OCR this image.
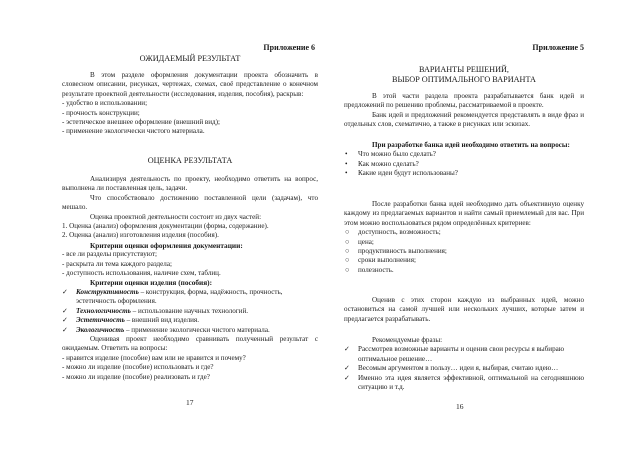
Приложение 6
ОЖИДАЕМЫЙ РЕЗУЛЬТАТ

В этом разделе оформления документации проекта обозначить в словесном описании, рисунках, чертежах, схемах, своё представление о конечном результате проектной деятельности (исследования, изделия, пособия), раскрыв:

- удобство в использовании;
- прочность конструкции;
- эстетическое внешнее оформление (внешний вид);
- применение экологически чистого материала.
ОЦЕНКА РЕЗУЛЬТАТА

Анализируя деятельность по проекту, необходимо ответить на вопрос, выполнена ли поставленная цель, задачи.

Что способствовало достижению поставленной цели (задачам), что мешало.

Оценка проектной деятельности состоит из двух частей:

1. Оценка (анализ) оформления документации (форма, содержание).
2. Оценка (анализ) изготовления изделия (пособия).

Критерии оценки оформления документации:

- все ли разделы присутствуют;
- раскрыта ли тема каждого раздела;
- доступность использования, наличие схем, таблиц.

Критерии оценки изделия (пособия):

✓ Конструктивность – конструкция, форма, надёжность, прочность, эстетичность оформления.
✓ Технологичность – использование научных технологий.
✓ Эстетичность – внешний вид изделия.
✓ Экологичность – применение экологически чистого материала.

Оценивая проект необходимо сравнивать полученный результат с ожидаемым. Ответить на вопросы:

- нравится изделие (пособие) вам или не нравится и почему?
- можно ли изделие (пособие) использовать и где?
- можно ли изделие (пособие) реализовать и где?
17
Приложение 5
ВАРИАНТЫ РЕШЕНИЙ,
ВЫБОР ОПТИМАЛЬНОГО ВАРИАНТА

В этой части раздела проекта разрабатывается банк идей и предложений по решению проблемы, рассматриваемой в проекте.

Банк идей и предложений рекомендуется представлять в виде фраз и отдельных слов, схематично, а также в рисунках или эскизах.

При разработке банка идей необходимо ответить на вопросы:

• Что можно было сделать?
• Как можно сделать?
• Какие идеи будут использованы?

После разработки банка идей необходимо дать объективную оценку каждому из предлагаемых вариантов и найти самый приемлемый для вас. При этом можно воспользоваться рядом определённых критериев:

○ доступность, возможность;
○ цена;
○ продуктивность выполнения;
○ сроки выполнения;
○ полезность.

Оценив с этих сторон каждую из выбранных идей, можно остановиться на самой лучшей или нескольких лучших, которые затем и предлагается разрабатывать.

Рекомендуемые фразы:

✓ Рассмотрев возможные варианты и оценив свои ресурсы я выбираю оптимальное решение…
✓ Весомым аргументом в пользу… идеи я, выбирая, считаю идею…
✓ Именно эта идея является эффективной, оптимальной на сегодняшнюю ситуацию и т.д.
16
